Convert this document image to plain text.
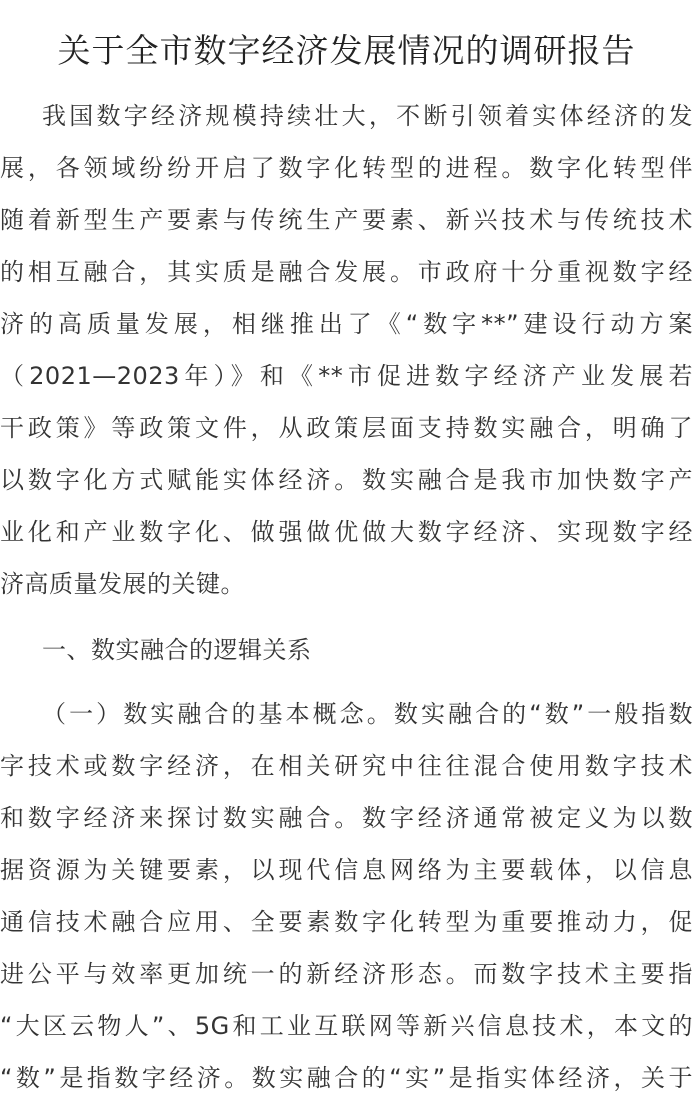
关于全市数字经济发展情况的调研报告
我国数字经济规模持续壮大，不断引领着实体经济的发
展，各领域纷纷开启了数字化转型的进程。数字化转型伴
随着新型生产要素与传统生产要素、新兴技术与传统技术
的相互融合，其实质是融合发展。市政府十分重视数字经
济的高质量发展，相继推出了《“数字**”建设行动方案
（2021—2023年）》和《**市促进数字经济产业发展若
干政策》等政策文件，从政策层面支持数实融合，明确了
以数字化方式赋能实体经济。数实融合是我市加快数字产
业化和产业数字化、做强做优做大数字经济、实现数字经
济高质量发展的关键。
一、数实融合的逻辑关系
（一）数实融合的基本概念。数实融合的“数”一般指数
字技术或数字经济，在相关研究中往往混合使用数字技术
和数字经济来探讨数实融合。数字经济通常被定义为以数
据资源为关键要素，以现代信息网络为主要载体，以信息
通信技术融合应用、全要素数字化转型为重要推动力，促
进公平与效率更加统一的新经济形态。而数字技术主要指
“大区云物人”、5G和工业互联网等新兴信息技术，本文的
“数”是指数字经济。数实融合的“实”是指实体经济，关于
